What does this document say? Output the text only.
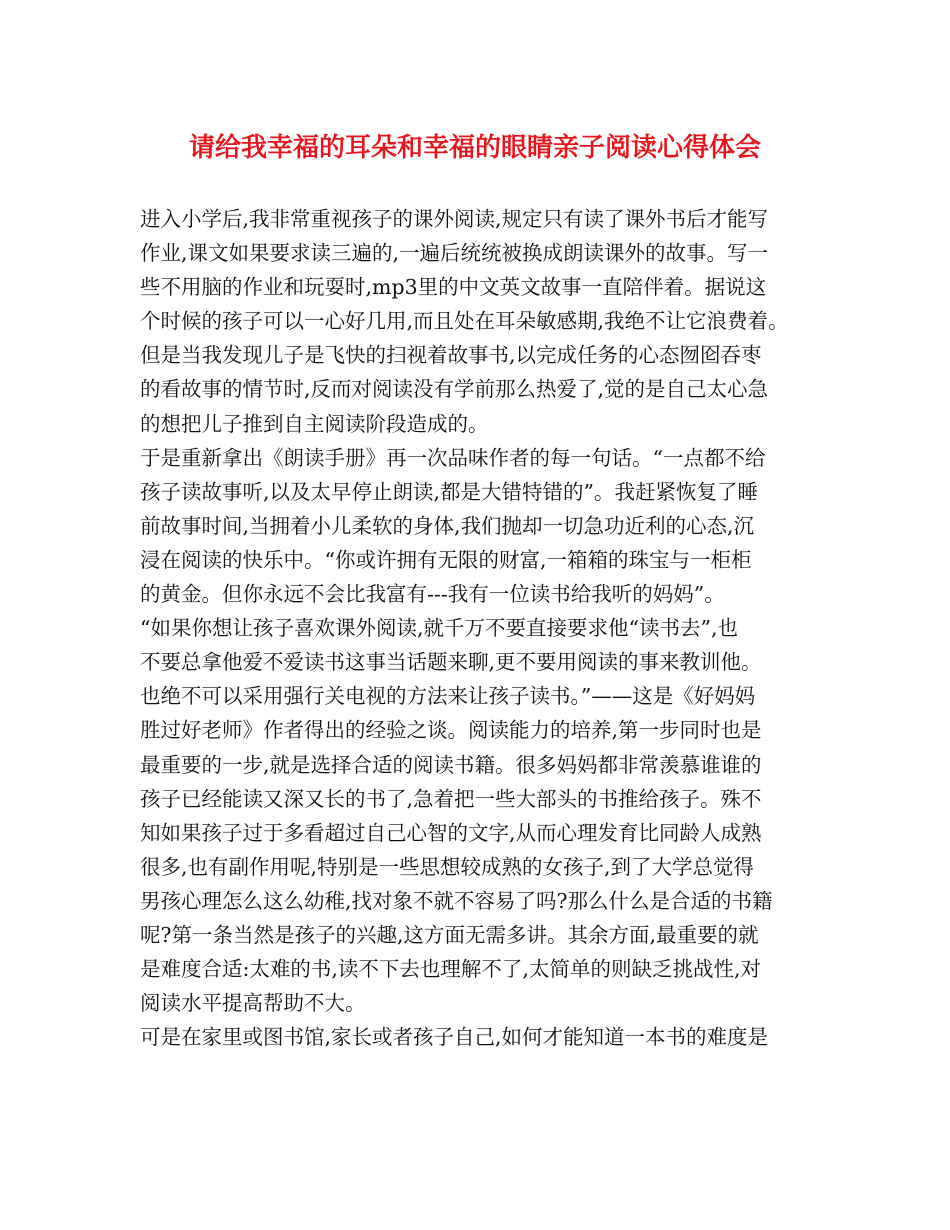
请给我幸福的耳朵和幸福的眼睛亲子阅读心得体会
进入小学后,我非常重视孩子的课外阅读,规定只有读了课外书后才能写
作业,课文如果要求读三遍的,一遍后统统被换成朗读课外的故事。写一
些不用脑的作业和玩耍时,mp3里的中文英文故事一直陪伴着。据说这
个时候的孩子可以一心好几用,而且处在耳朵敏感期,我绝不让它浪费着。
但是当我发现儿子是飞快的扫视着故事书,以完成任务的心态囫囵吞枣
的看故事的情节时,反而对阅读没有学前那么热爱了,觉的是自己太心急
的想把儿子推到自主阅读阶段造成的。
于是重新拿出《朗读手册》再一次品味作者的每一句话。“一点都不给
孩子读故事听,以及太早停止朗读,都是大错特错的”。我赶紧恢复了睡
前故事时间,当拥着小儿柔软的身体,我们抛却一切急功近利的心态,沉
浸在阅读的快乐中。“你或许拥有无限的财富,一箱箱的珠宝与一柜柜
的黄金。但你永远不会比我富有---我有一位读书给我听的妈妈”。
“如果你想让孩子喜欢课外阅读,就千万不要直接要求他“读书去”,也
不要总拿他爱不爱读书这事当话题来聊,更不要用阅读的事来教训他。
也绝不可以采用强行关电视的方法来让孩子读书。”——这是《好妈妈
胜过好老师》作者得出的经验之谈。阅读能力的培养,第一步同时也是
最重要的一步,就是选择合适的阅读书籍。很多妈妈都非常羡慕谁谁的
孩子已经能读又深又长的书了,急着把一些大部头的书推给孩子。殊不
知如果孩子过于多看超过自己心智的文字,从而心理发育比同龄人成熟
很多,也有副作用呢,特别是一些思想较成熟的女孩子,到了大学总觉得
男孩心理怎么这么幼稚,找对象不就不容易了吗?那么什么是合适的书籍
呢?第一条当然是孩子的兴趣,这方面无需多讲。其余方面,最重要的就
是难度合适:太难的书,读不下去也理解不了,太简单的则缺乏挑战性,对
阅读水平提高帮助不大。
可是在家里或图书馆,家长或者孩子自己,如何才能知道一本书的难度是
